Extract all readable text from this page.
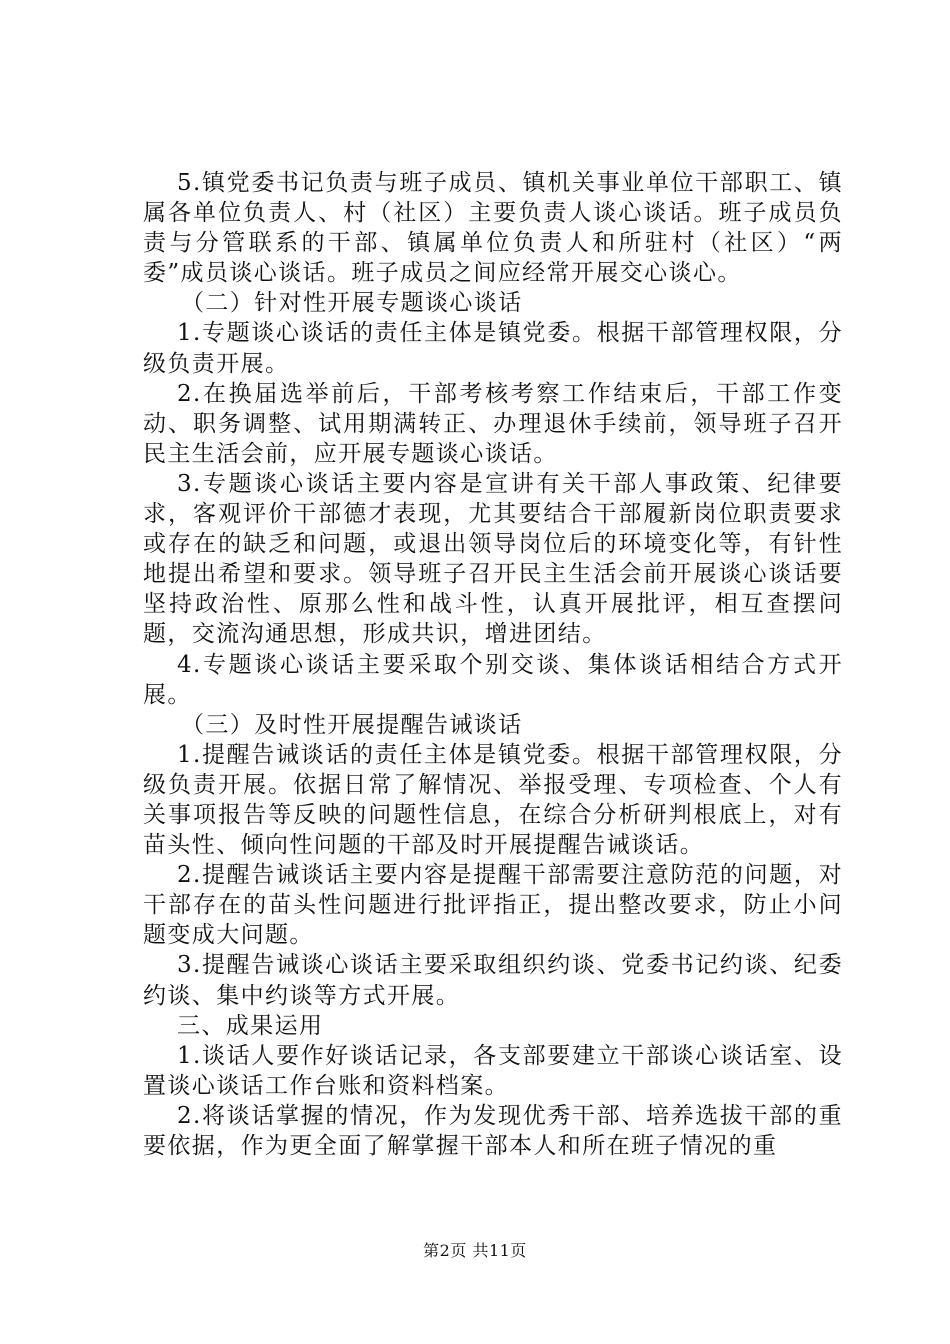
5.镇党委书记负责与班子成员、镇机关事业单位干部职工、镇属各单位负责人、村（社区）主要负责人谈心谈话。班子成员负责与分管联系的干部、镇属单位负责人和所驻村（社区）“两委”成员谈心谈话。班子成员之间应经常开展交心谈心。

（二）针对性开展专题谈心谈话

1.专题谈心谈话的责任主体是镇党委。根据干部管理权限，分级负责开展。

2.在换届选举前后，干部考核考察工作结束后，干部工作变动、职务调整、试用期满转正、办理退休手续前，领导班子召开民主生活会前，应开展专题谈心谈话。

3.专题谈心谈话主要内容是宣讲有关干部人事政策、纪律要求，客观评价干部德才表现，尤其要结合干部履新岗位职责要求或存在的缺乏和问题，或退出领导岗位后的环境变化等，有针性地提出希望和要求。领导班子召开民主生活会前开展谈心谈话要坚持政治性、原那么性和战斗性，认真开展批评，相互查摆问题，交流沟通思想，形成共识，增进团结。

4.专题谈心谈话主要采取个别交谈、集体谈话相结合方式开展。

（三）及时性开展提醒告诫谈话

1.提醒告诫谈话的责任主体是镇党委。根据干部管理权限，分级负责开展。依据日常了解情况、举报受理、专项检查、个人有关事项报告等反映的问题性信息，在综合分析研判根底上，对有苗头性、倾向性问题的干部及时开展提醒告诫谈话。

2.提醒告诫谈话主要内容是提醒干部需要注意防范的问题，对干部存在的苗头性问题进行批评指正，提出整改要求，防止小问题变成大问题。

3.提醒告诫谈心谈话主要采取组织约谈、党委书记约谈、纪委约谈、集中约谈等方式开展。

三、成果运用

1.谈话人要作好谈话记录，各支部要建立干部谈心谈话室、设置谈心谈话工作台账和资料档案。

2.将谈话掌握的情况，作为发现优秀干部、培养选拔干部的重要依据，作为更全面了解掌握干部本人和所在班子情况的重

第2页 共11页
